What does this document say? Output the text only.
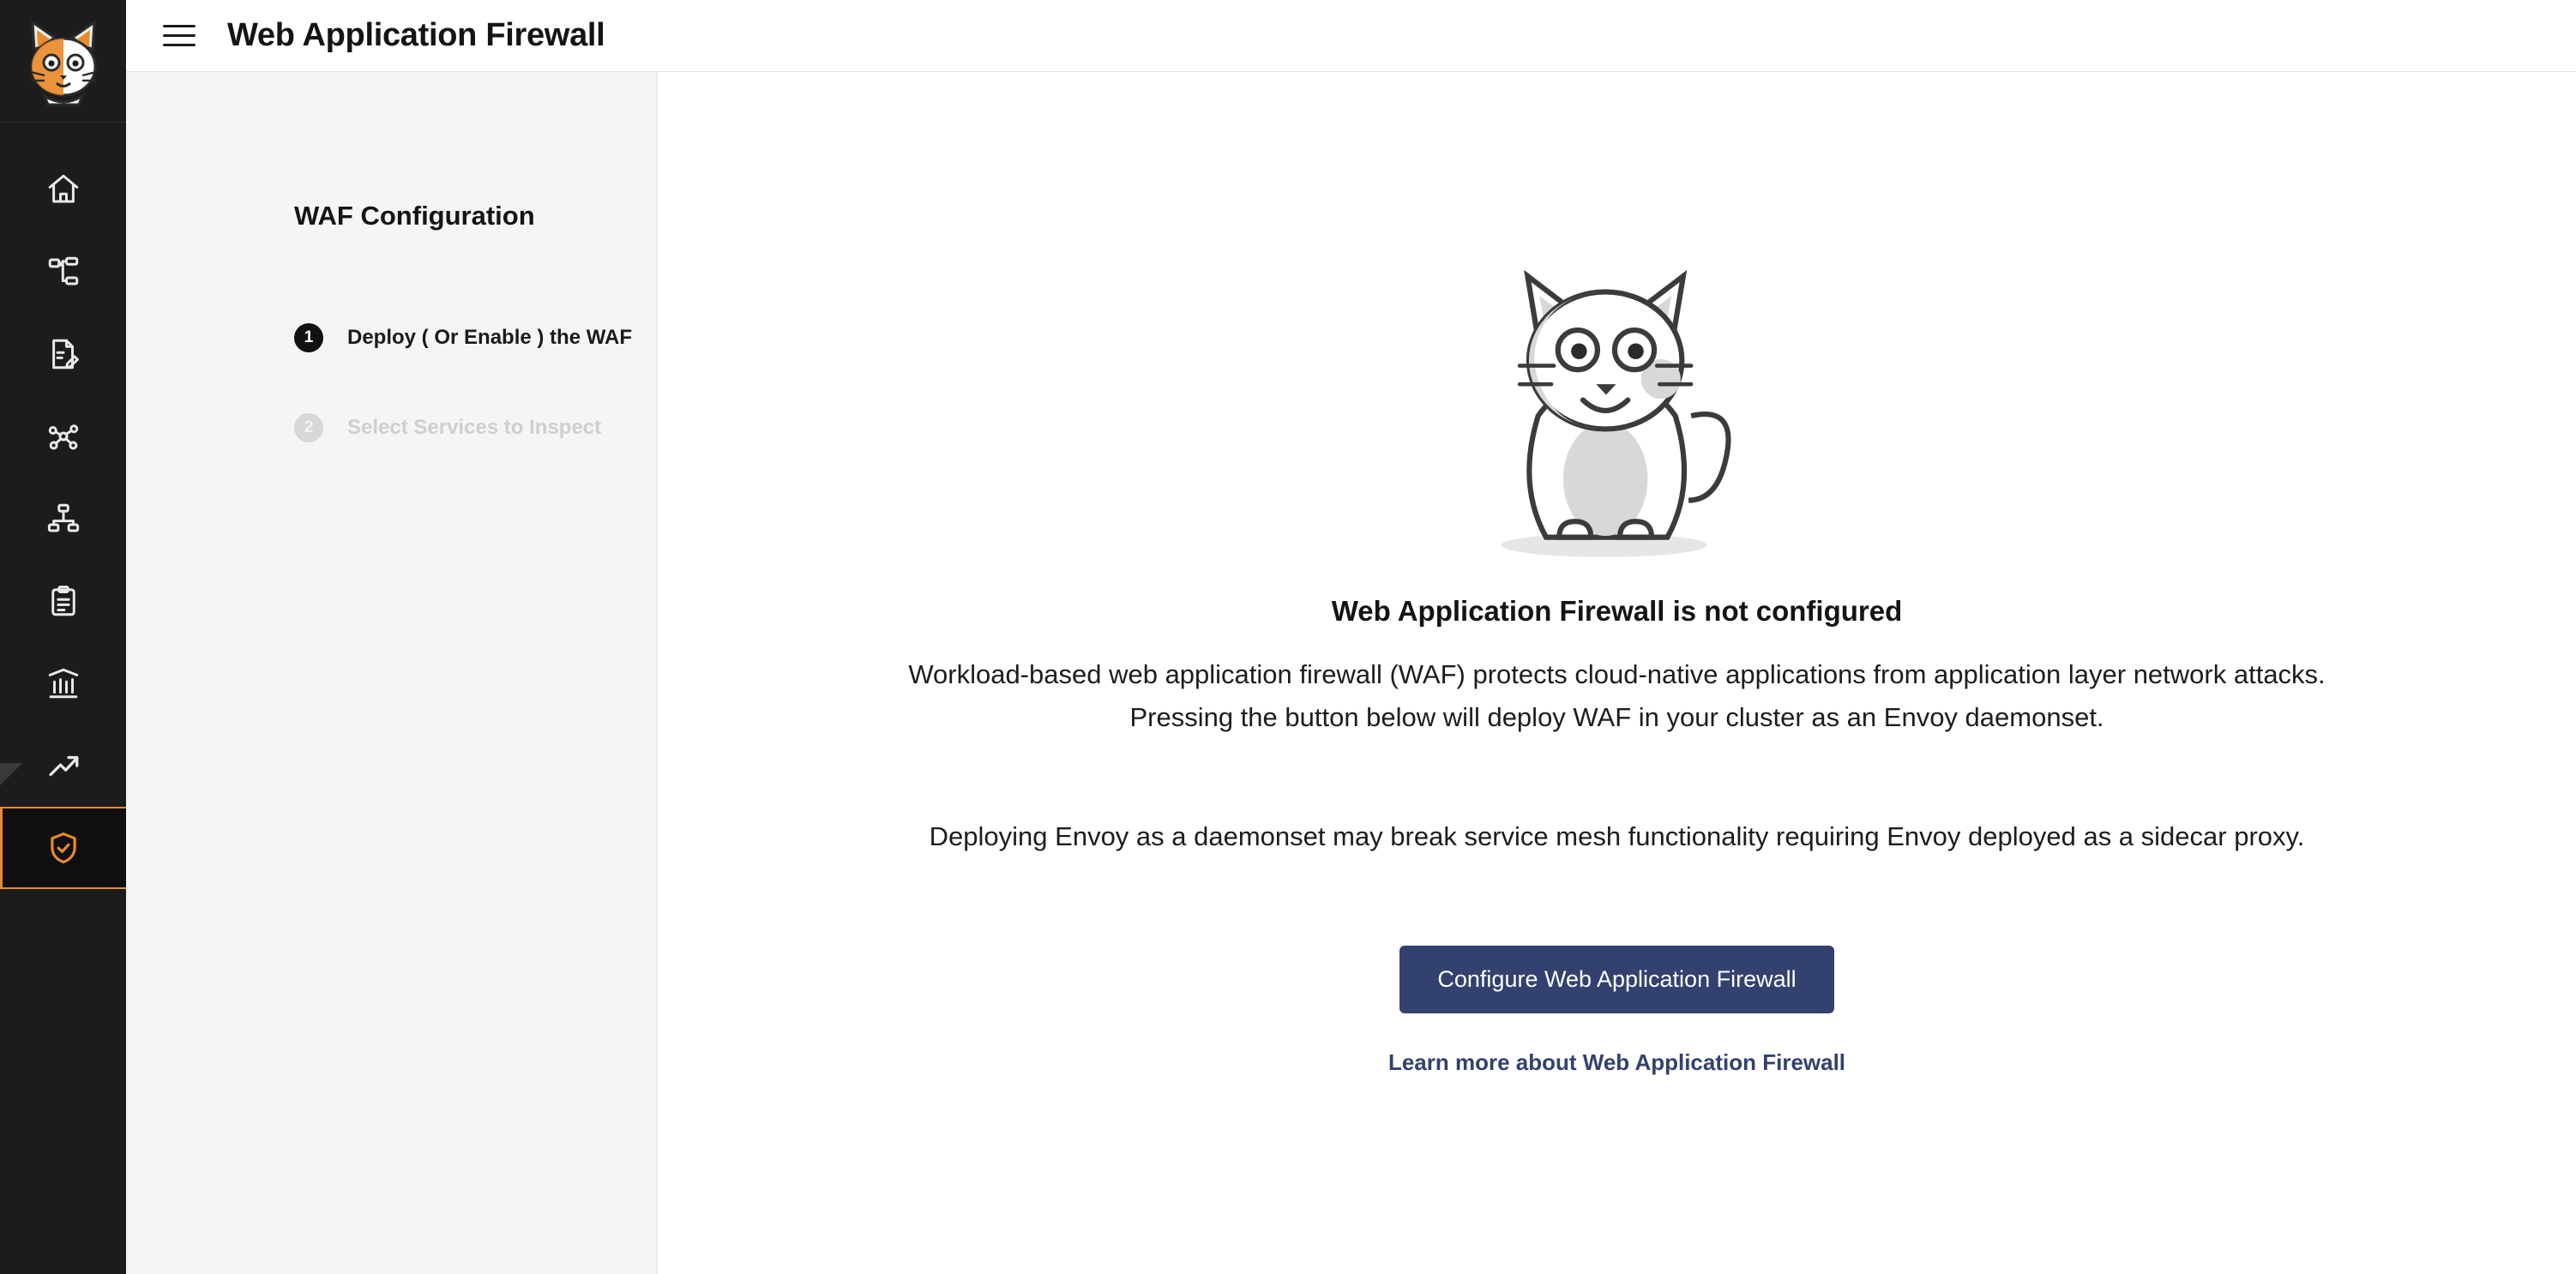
Web Application Firewall
WAF Configuration
1	Deploy ( Or Enable ) the WAF
2	Select Services to Inspect
Web Application Firewall is not configured

Workload-based web application firewall (WAF) protects cloud-native applications from application layer network attacks. Pressing the button below will deploy WAF in your cluster as an Envoy daemonset.

Deploying Envoy as a daemonset may break service mesh functionality requiring Envoy deployed as a sidecar proxy.

Configure Web Application Firewall
Learn more about Web Application Firewall
